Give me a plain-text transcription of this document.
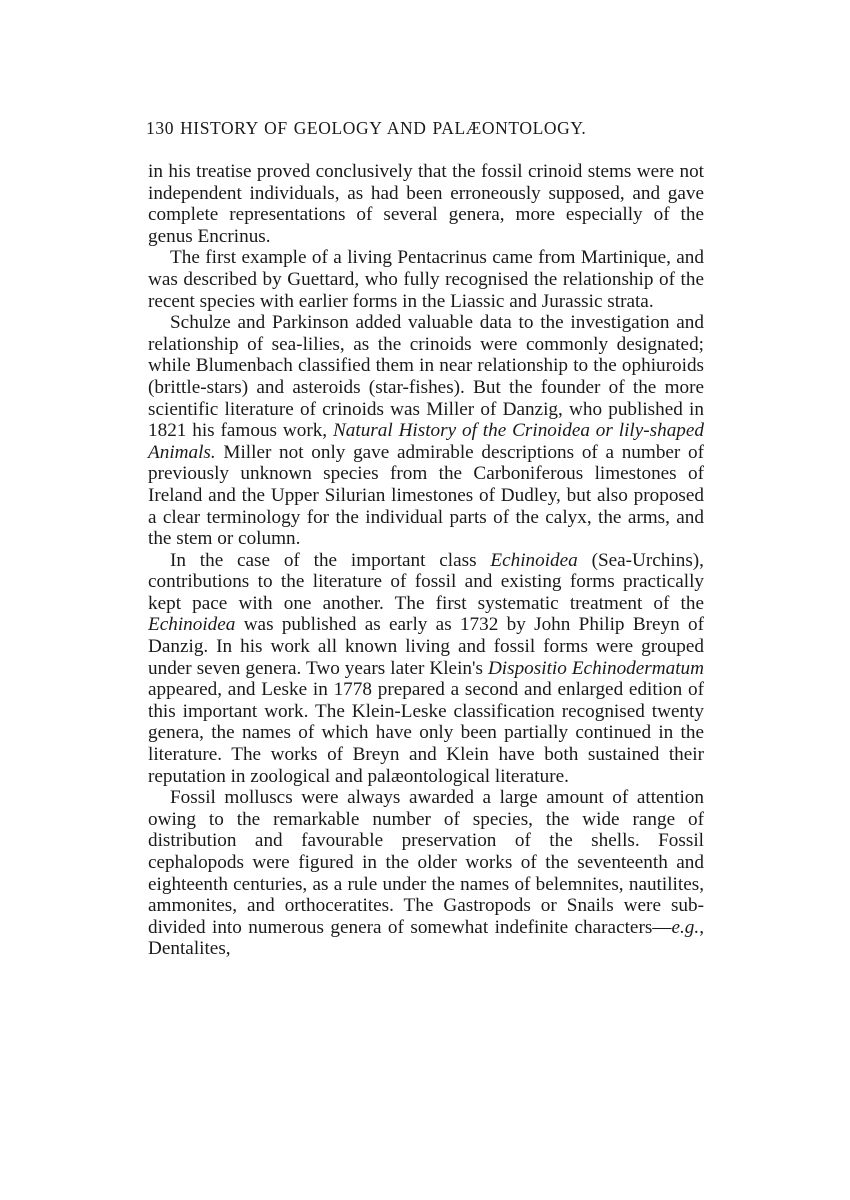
130 HISTORY OF GEOLOGY AND PALÆONTOLOGY.

in his treatise proved conclusively that the fossil crinoid stems were not independent individuals, as had been erroneously supposed, and gave complete representations of several genera, more especially of the genus Encrinus.

The first example of a living Pentacrinus came from Martinique, and was described by Guettard, who fully recognised the relationship of the recent species with earlier forms in the Liassic and Jurassic strata.

Schulze and Parkinson added valuable data to the investigation and relationship of sea-lilies, as the crinoids were commonly designated; while Blumenbach classified them in near relationship to the ophiuroids (brittle-stars) and asteroids (star-fishes). But the founder of the more scientific literature of crinoids was Miller of Danzig, who published in 1821 his famous work, Natural History of the Crinoidea or lily-shaped Animals. Miller not only gave admirable descriptions of a number of previously unknown species from the Carboniferous limestones of Ireland and the Upper Silurian limestones of Dudley, but also proposed a clear terminology for the individual parts of the calyx, the arms, and the stem or column.

In the case of the important class Echinoidea (Sea-Urchins), contributions to the literature of fossil and existing forms practically kept pace with one another. The first systematic treatment of the Echinoidea was published as early as 1732 by John Philip Breyn of Danzig. In his work all known living and fossil forms were grouped under seven genera. Two years later Klein's Dispositio Echinodermatum appeared, and Leske in 1778 prepared a second and enlarged edition of this important work. The Klein-Leske classification recognised twenty genera, the names of which have only been partially continued in the literature. The works of Breyn and Klein have both sustained their reputation in zoological and palæontological literature.

Fossil molluscs were always awarded a large amount of attention owing to the remarkable number of species, the wide range of distribution and favourable preservation of the shells. Fossil cephalopods were figured in the older works of the seventeenth and eighteenth centuries, as a rule under the names of belemnites, nautilites, ammonites, and orthoceratites. The Gastropods or Snails were sub-divided into numerous genera of somewhat indefinite characters—e.g., Dentalites,
